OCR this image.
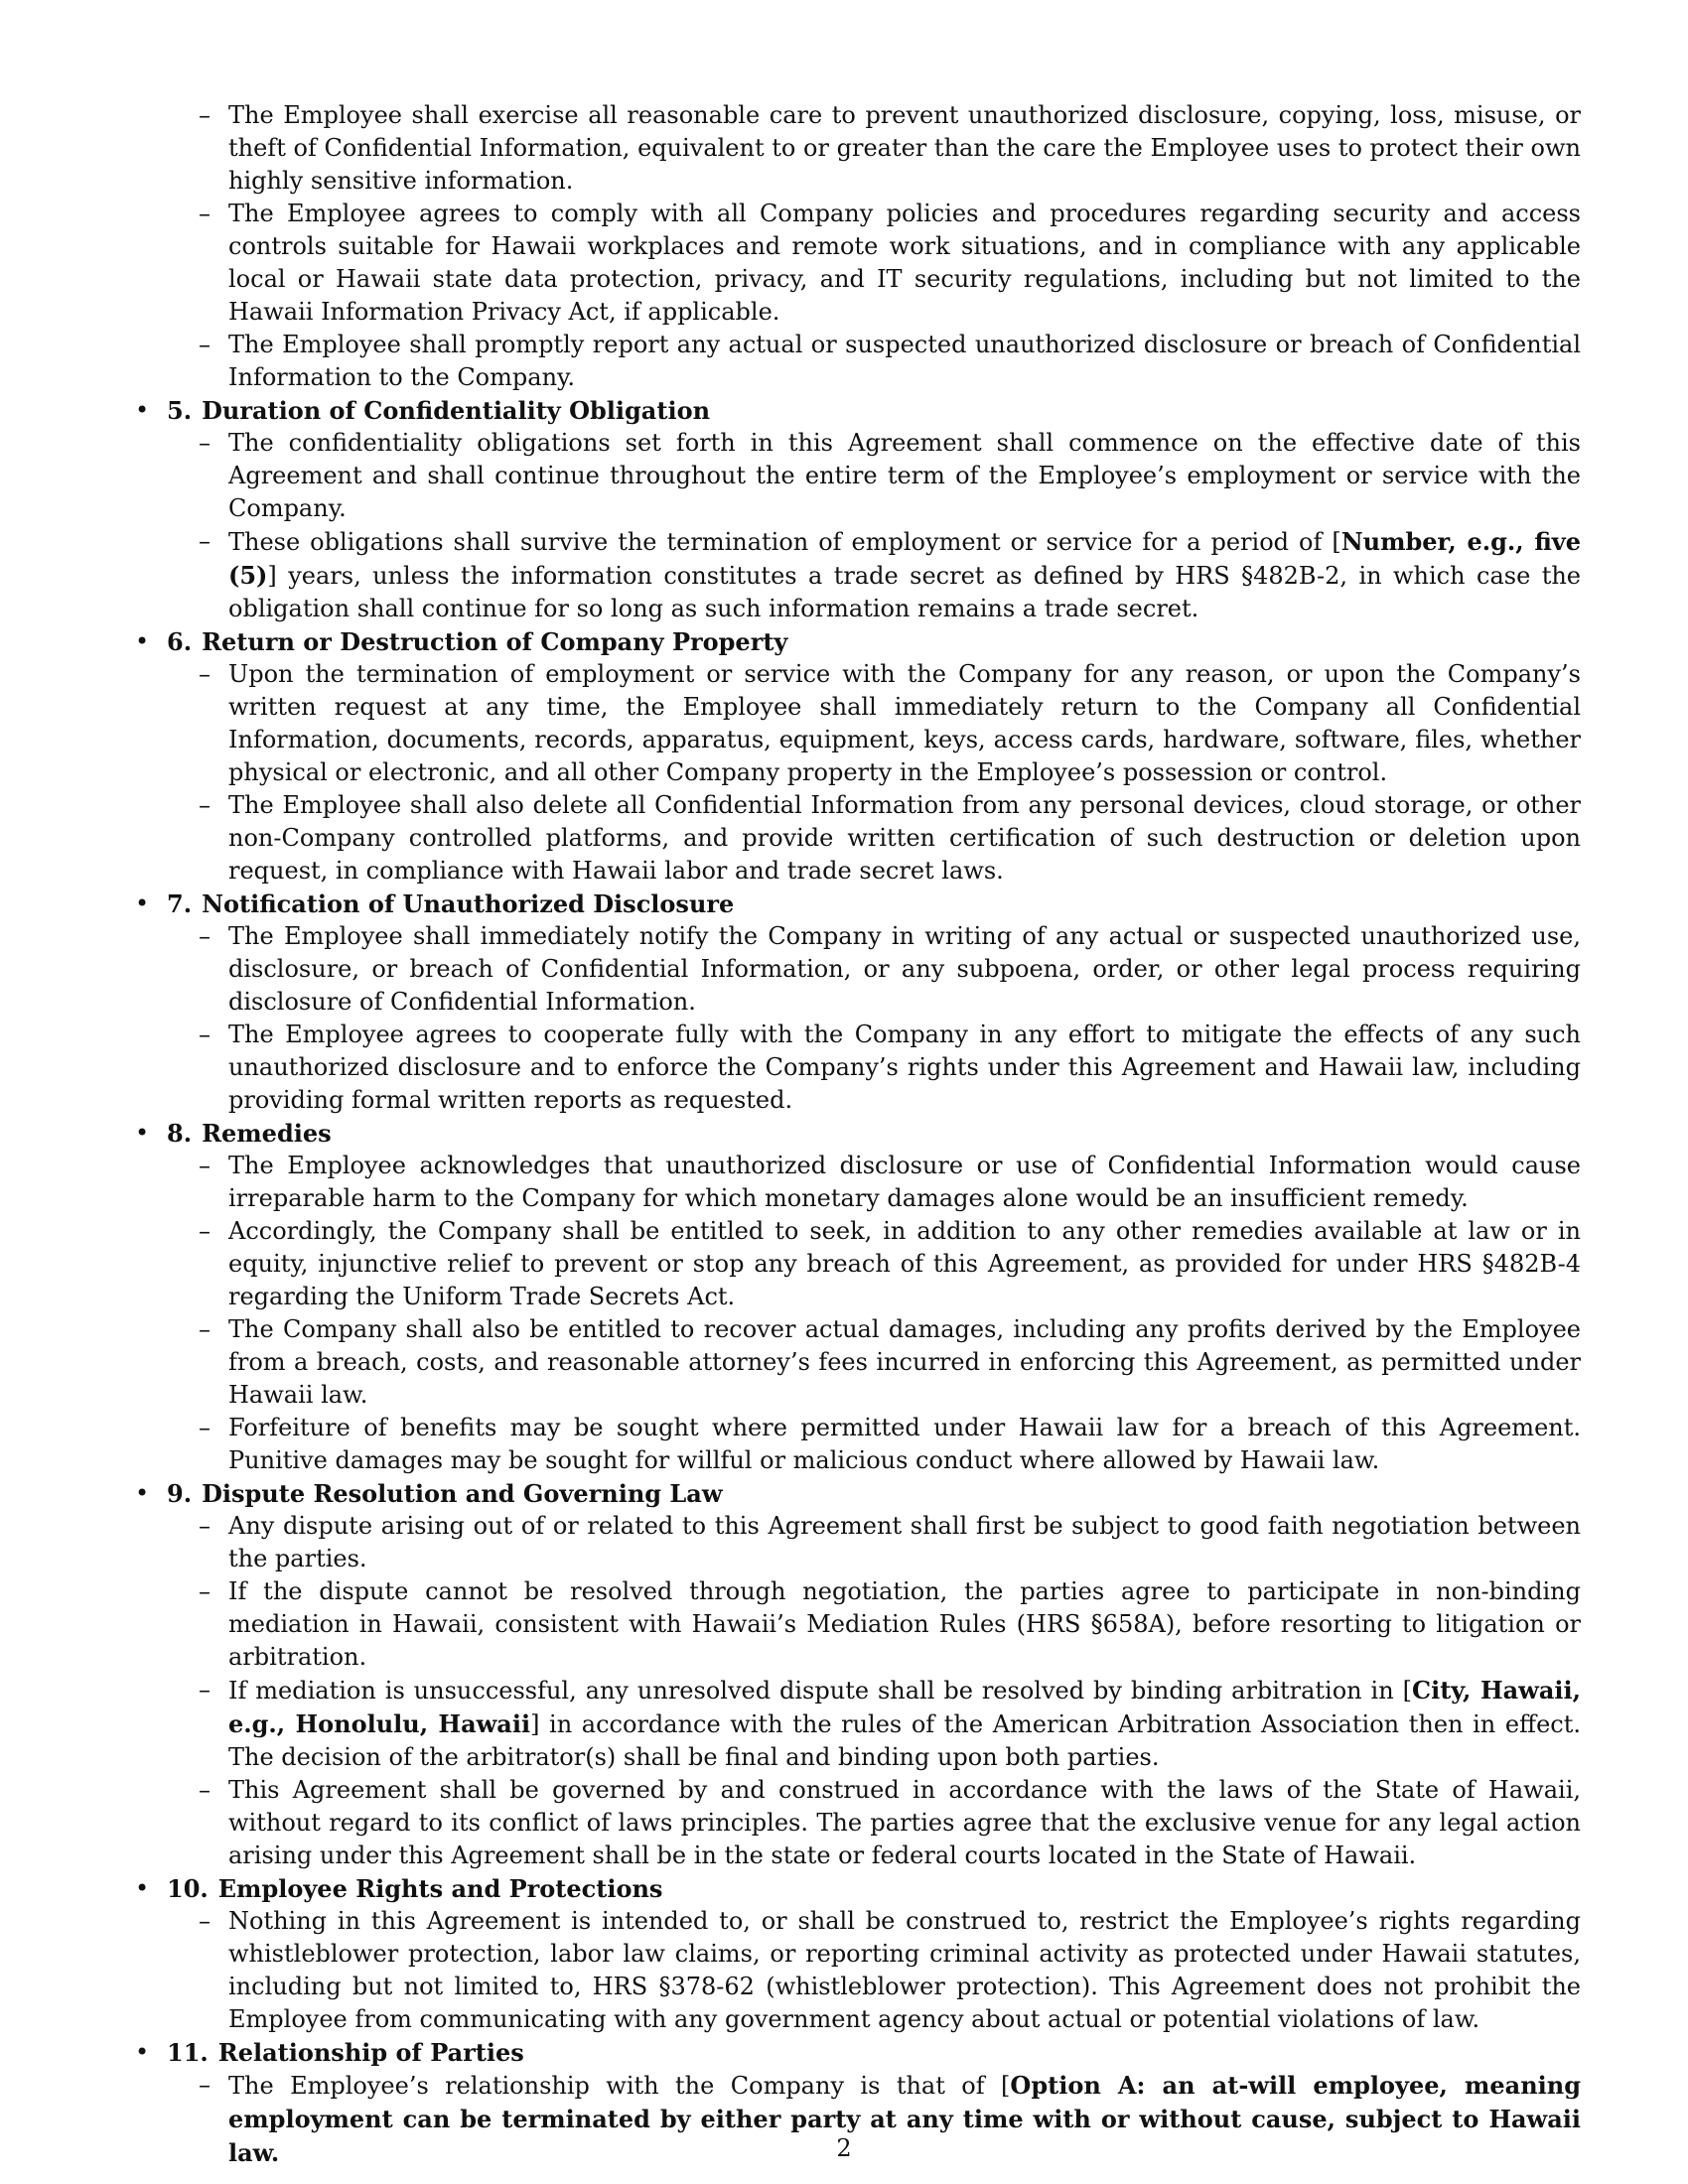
– The Employee shall exercise all reasonable care to prevent unauthorized disclosure, copying, loss, misuse, or theft of Confidential Information, equivalent to or greater than the care the Employee uses to protect their own highly sensitive information.
– The Employee agrees to comply with all Company policies and procedures regarding security and access controls suitable for Hawaii workplaces and remote work situations, and in compliance with any applicable local or Hawaii state data protection, privacy, and IT security regulations, including but not limited to the Hawaii Information Privacy Act, if applicable.
– The Employee shall promptly report any actual or suspected unauthorized disclosure or breach of Confidential Information to the Company.
• 5. Duration of Confidentiality Obligation
– The confidentiality obligations set forth in this Agreement shall commence on the effective date of this Agreement and shall continue throughout the entire term of the Employee’s employment or service with the Company.
– These obligations shall survive the termination of employment or service for a period of [Number, e.g., five (5)] years, unless the information constitutes a trade secret as defined by HRS §482B-2, in which case the obligation shall continue for so long as such information remains a trade secret.
• 6. Return or Destruction of Company Property
– Upon the termination of employment or service with the Company for any reason, or upon the Company’s written request at any time, the Employee shall immediately return to the Company all Confidential Information, documents, records, apparatus, equipment, keys, access cards, hardware, software, files, whether physical or electronic, and all other Company property in the Employee’s possession or control.
– The Employee shall also delete all Confidential Information from any personal devices, cloud storage, or other non-Company controlled platforms, and provide written certification of such destruction or deletion upon request, in compliance with Hawaii labor and trade secret laws.
• 7. Notification of Unauthorized Disclosure
– The Employee shall immediately notify the Company in writing of any actual or suspected unauthorized use, disclosure, or breach of Confidential Information, or any subpoena, order, or other legal process requiring disclosure of Confidential Information.
– The Employee agrees to cooperate fully with the Company in any effort to mitigate the effects of any such unauthorized disclosure and to enforce the Company’s rights under this Agreement and Hawaii law, including providing formal written reports as requested.
• 8. Remedies
– The Employee acknowledges that unauthorized disclosure or use of Confidential Information would cause irreparable harm to the Company for which monetary damages alone would be an insufficient remedy.
– Accordingly, the Company shall be entitled to seek, in addition to any other remedies available at law or in equity, injunctive relief to prevent or stop any breach of this Agreement, as provided for under HRS §482B-4 regarding the Uniform Trade Secrets Act.
– The Company shall also be entitled to recover actual damages, including any profits derived by the Employee from a breach, costs, and reasonable attorney’s fees incurred in enforcing this Agreement, as permitted under Hawaii law.
– Forfeiture of benefits may be sought where permitted under Hawaii law for a breach of this Agreement. Punitive damages may be sought for willful or malicious conduct where allowed by Hawaii law.
• 9. Dispute Resolution and Governing Law
– Any dispute arising out of or related to this Agreement shall first be subject to good faith negotiation between the parties.
– If the dispute cannot be resolved through negotiation, the parties agree to participate in non-binding mediation in Hawaii, consistent with Hawaii’s Mediation Rules (HRS §658A), before resorting to litigation or arbitration.
– If mediation is unsuccessful, any unresolved dispute shall be resolved by binding arbitration in [City, Hawaii, e.g., Honolulu, Hawaii] in accordance with the rules of the American Arbitration Association then in effect. The decision of the arbitrator(s) shall be final and binding upon both parties.
– This Agreement shall be governed by and construed in accordance with the laws of the State of Hawaii, without regard to its conflict of laws principles. The parties agree that the exclusive venue for any legal action arising under this Agreement shall be in the state or federal courts located in the State of Hawaii.
• 10. Employee Rights and Protections
– Nothing in this Agreement is intended to, or shall be construed to, restrict the Employee’s rights regarding whistleblower protection, labor law claims, or reporting criminal activity as protected under Hawaii statutes, including but not limited to, HRS §378-62 (whistleblower protection). This Agreement does not prohibit the Employee from communicating with any government agency about actual or potential violations of law.
• 11. Relationship of Parties
– The Employee’s relationship with the Company is that of [Option A: an at-will employee, meaning employment can be terminated by either party at any time with or without cause, subject to Hawaii law.	2
